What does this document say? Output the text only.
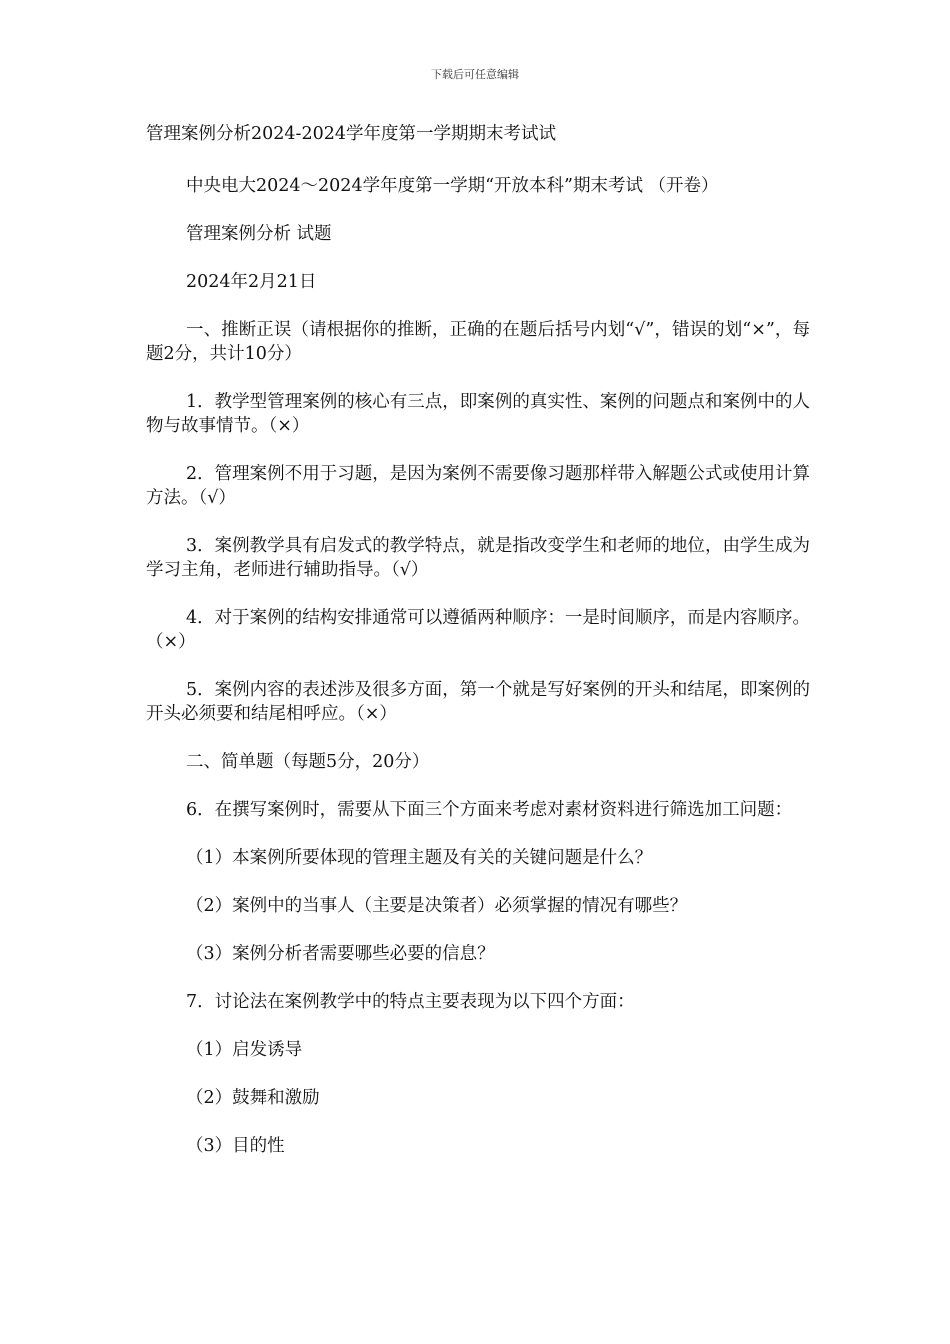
下载后可任意编辑

管理案例分析2024-2024学年度第一学期期末考试试

中央电大2024～2024学年度第一学期“开放本科”期末考试 （开卷）

管理案例分析 试题

2024年2月21日

一、推断正误（请根据你的推断，正确的在题后括号内划“√”，错误的划“×”，每题2分，共计10分）

1．教学型管理案例的核心有三点，即案例的真实性、案例的问题点和案例中的人物与故事情节。（×）

2．管理案例不用于习题，是因为案例不需要像习题那样带入解题公式或使用计算方法。（√）

3．案例教学具有启发式的教学特点，就是指改变学生和老师的地位，由学生成为学习主角，老师进行辅助指导。（√）

4．对于案例的结构安排通常可以遵循两种顺序：一是时间顺序，而是内容顺序。（×）

5．案例内容的表述涉及很多方面，第一个就是写好案例的开头和结尾，即案例的开头必须要和结尾相呼应。（×）

二、简单题（每题5分，20分）

6．在撰写案例时，需要从下面三个方面来考虑对素材资料进行筛选加工问题：

（1）本案例所要体现的管理主题及有关的关键问题是什么？

（2）案例中的当事人（主要是决策者）必须掌握的情况有哪些？

（3）案例分析者需要哪些必要的信息？

7．讨论法在案例教学中的特点主要表现为以下四个方面：

（1）启发诱导

（2）鼓舞和激励

（3）目的性
